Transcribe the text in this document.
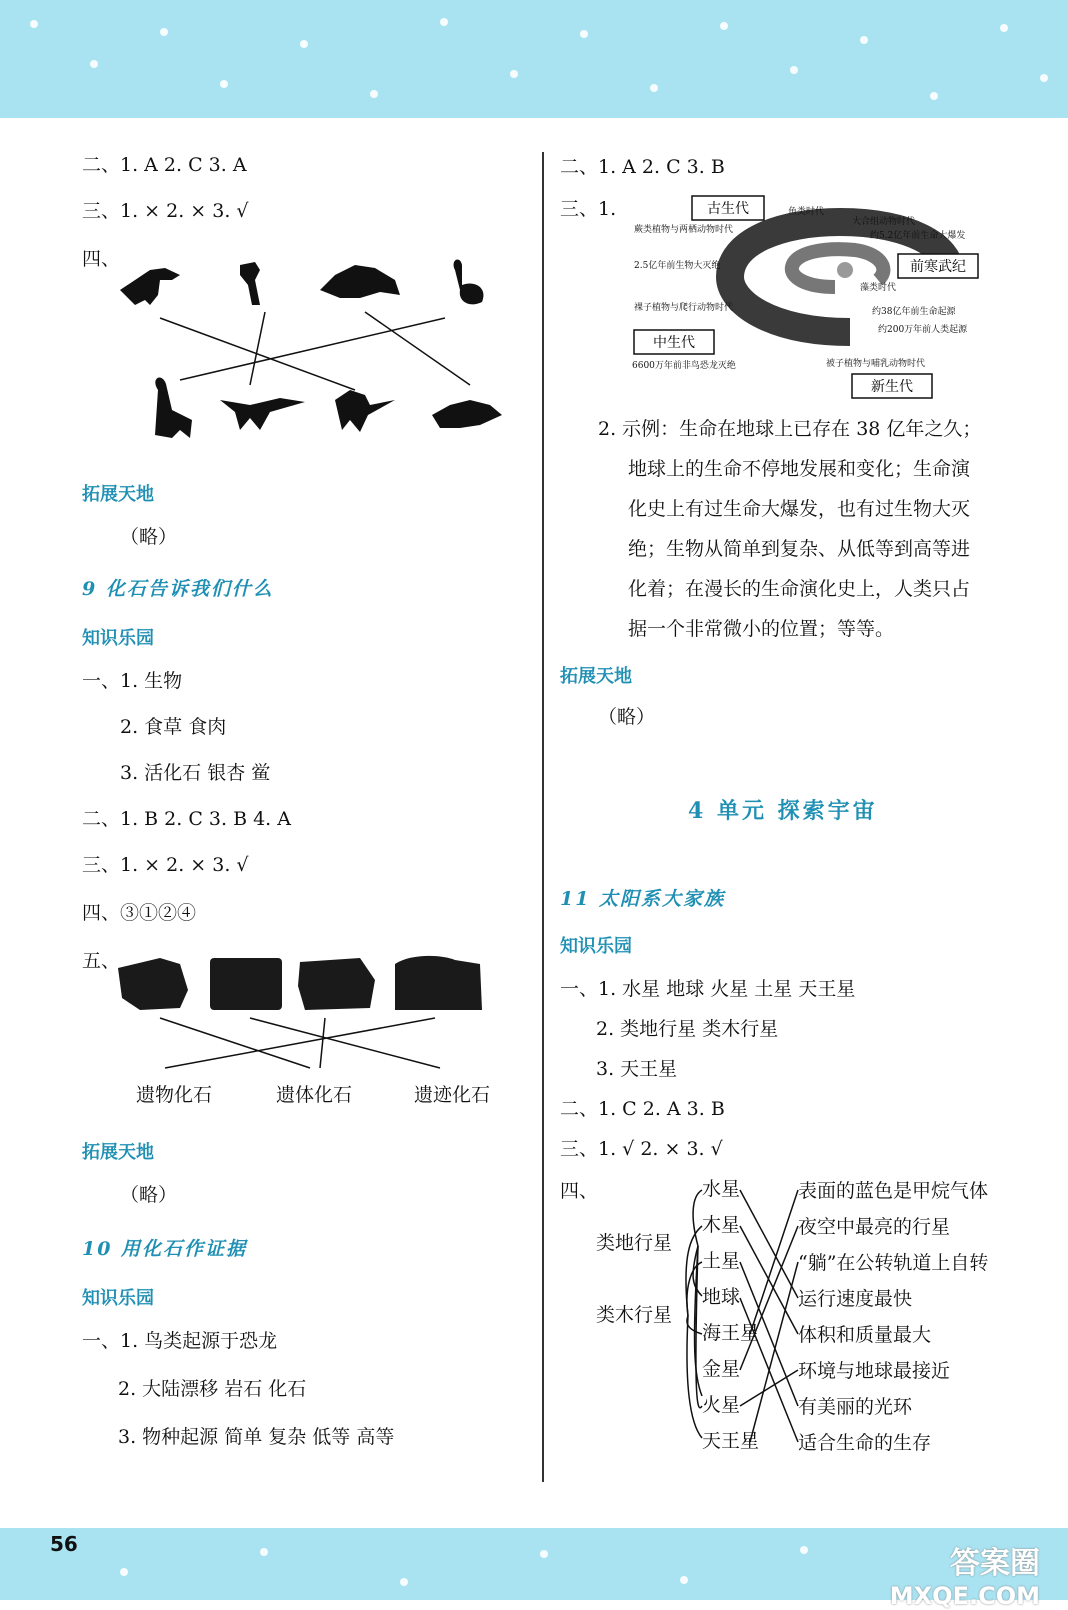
二、1. A 2. C 3. A
三、1. × 2. × 3. √
四、
拓展天地
（略）
9 化石告诉我们什么
知识乐园
一、1. 生物
2. 食草 食肉
3. 活化石 银杏 鲎
二、1. B 2. C 3. B 4. A
三、1. × 2. × 3. √
四、③①②④
五、
遗物化石	遗体化石	遗迹化石
拓展天地
（略）
10 用化石作证据
知识乐园
一、1. 鸟类起源于恐龙
2. 大陆漂移 岩石 化石
3. 物种起源 简单 复杂 低等 高等
二、1. A 2. C 3. B
三、1.	古生代
前寒武纪
中生代
新生代
鱼类时代
大合组动物时代
蕨类植物与两栖动物时代
约5.2亿年前生命大爆发
2.5亿年前生物大灭绝
藻类时代
裸子植物与爬行动物时代	约38亿年前生命起源
约200万年前人类起源
6600万年前非鸟恐龙灭绝	被子植物与哺乳动物时代
2. 示例：生命在地球上已存在 38 亿年之久；
地球上的生命不停地发展和变化；生命演
化史上有过生命大爆发，也有过生物大灭
绝；生物从简单到复杂、从低等到高等进
化着；在漫长的生命演化史上，人类只占
据一个非常微小的位置；等等。
拓展天地
（略）
4 单元 探索宇宙
11 太阳系大家族
知识乐园
一、1. 水星 地球 火星 土星 天王星
2. 类地行星 类木行星
3. 天王星
二、1. C 2. A 3. B
三、1. √ 2. × 3. √
四、
类地行星
类木行星
水星
木星
土星
地球
海王星
金星
火星
天王星
表面的蓝色是甲烷气体
夜空中最亮的行星
“躺”在公转轨道上自转
运行速度最快
体积和质量最大
环境与地球最接近
有美丽的光环
适合生命的生存
56
答案圈
MXQE.COM
